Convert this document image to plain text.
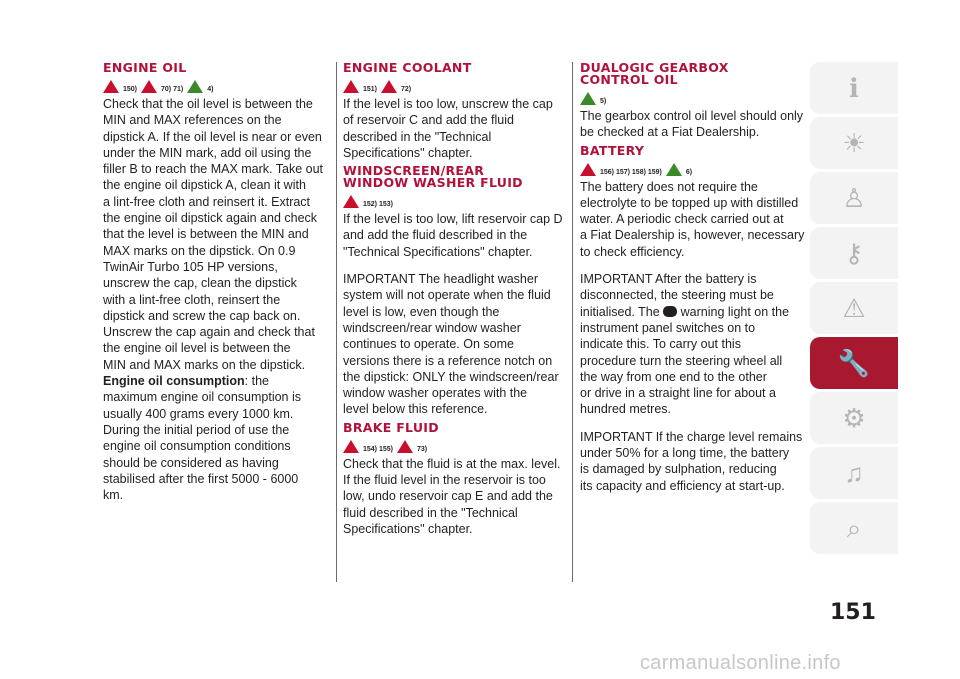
ENGINE OIL
150)	70) 71)	4)
Check that the oil level is between the
MIN and MAX references on the
dipstick A. If the oil level is near or even
under the MIN mark, add oil using the
filler B to reach the MAX mark. Take out
the engine oil dipstick A, clean it with
a lint-free cloth and reinsert it. Extract
the engine oil dipstick again and check
that the level is between the MIN and
MAX marks on the dipstick. On 0.9
TwinAir Turbo 105 HP versions,
unscrew the cap, clean the dipstick
with a lint-free cloth, reinsert the
dipstick and screw the cap back on.
Unscrew the cap again and check that
the engine oil level is between the
MIN and MAX marks on the dipstick.
Engine oil consumption: the
maximum engine oil consumption is
usually 400 grams every 1000 km.
During the initial period of use the
engine oil consumption conditions
should be considered as having
stabilised after the first 5000 - 6000
km.
ENGINE COOLANT
151)	72)
If the level is too low, unscrew the cap
of reservoir C and add the fluid
described in the "Technical
Specifications" chapter.
WINDSCREEN/REAR
WINDOW WASHER FLUID
152) 153)
If the level is too low, lift reservoir cap D
and add the fluid described in the
"Technical Specifications" chapter.
IMPORTANT The headlight washer
system will not operate when the fluid
level is low, even though the
windscreen/rear window washer
continues to operate. On some
versions there is a reference notch on
the dipstick: ONLY the windscreen/rear
window washer operates with the
level below this reference.
BRAKE FLUID
154) 155)	73)
Check that the fluid is at the max. level.
If the fluid level in the reservoir is too
low, undo reservoir cap E and add the
fluid described in the "Technical
Specifications" chapter.
DUALOGIC GEARBOX
CONTROL OIL
5)
The gearbox control oil level should only
be checked at a Fiat Dealership.
BATTERY
156) 157) 158) 159)	6)
The battery does not require the
electrolyte to be topped up with distilled
water. A periodic check carried out at
a Fiat Dealership is, however, necessary
to check efficiency.
IMPORTANT After the battery is
disconnected, the steering must be
initialised. The warning light on the
instrument panel switches on to
indicate this. To carry out this
procedure turn the steering wheel all
the way from one end to the other
or drive in a straight line for about a
hundred metres.
IMPORTANT If the charge level remains
under 50% for a long time, the battery
is damaged by sulphation, reducing
its capacity and efficiency at start-up.
ℹ
☀
♙
⚷
⚠
🔧
⚙
♫
⌕
151
carmanualsonline.info
